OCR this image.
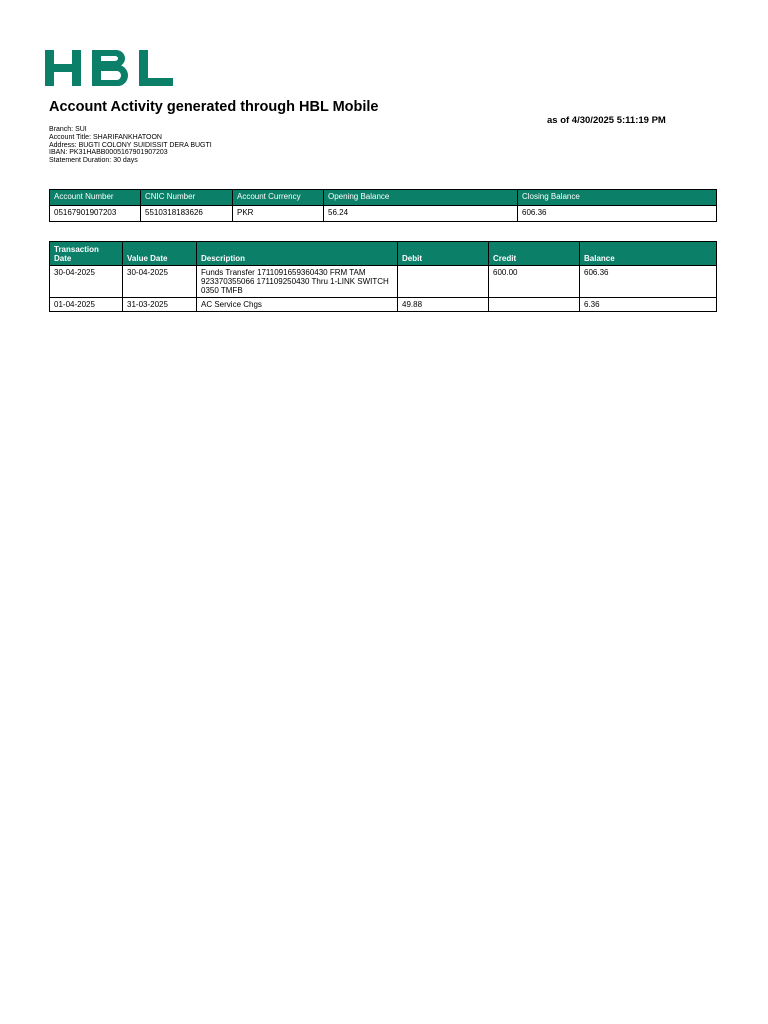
Account Activity generated through HBL Mobile
as of 4/30/2025 5:11:19 PM
Branch: SUI
Account Title: SHARIFANKHATOON
Address: BUGTI COLONY SUIDISSIT DERA BUGTI
IBAN: PK31HABB0005167901907203
Statement Duration: 30 days
Account Number	CNIC Number	Account Currency	Opening Balance	Closing Balance
05167901907203	5510318183626	PKR	56.24	606.36
Transaction Date	Value Date	Description	Debit	Credit	Balance
30-04-2025	30-04-2025	Funds Transfer 1711091659360430 FRM TAM 923370355066 171109250430 Thru 1-LINK SWITCH 0350 TMFB		600.00	606.36
01-04-2025	31-03-2025	AC Service Chgs	49.88		6.36
